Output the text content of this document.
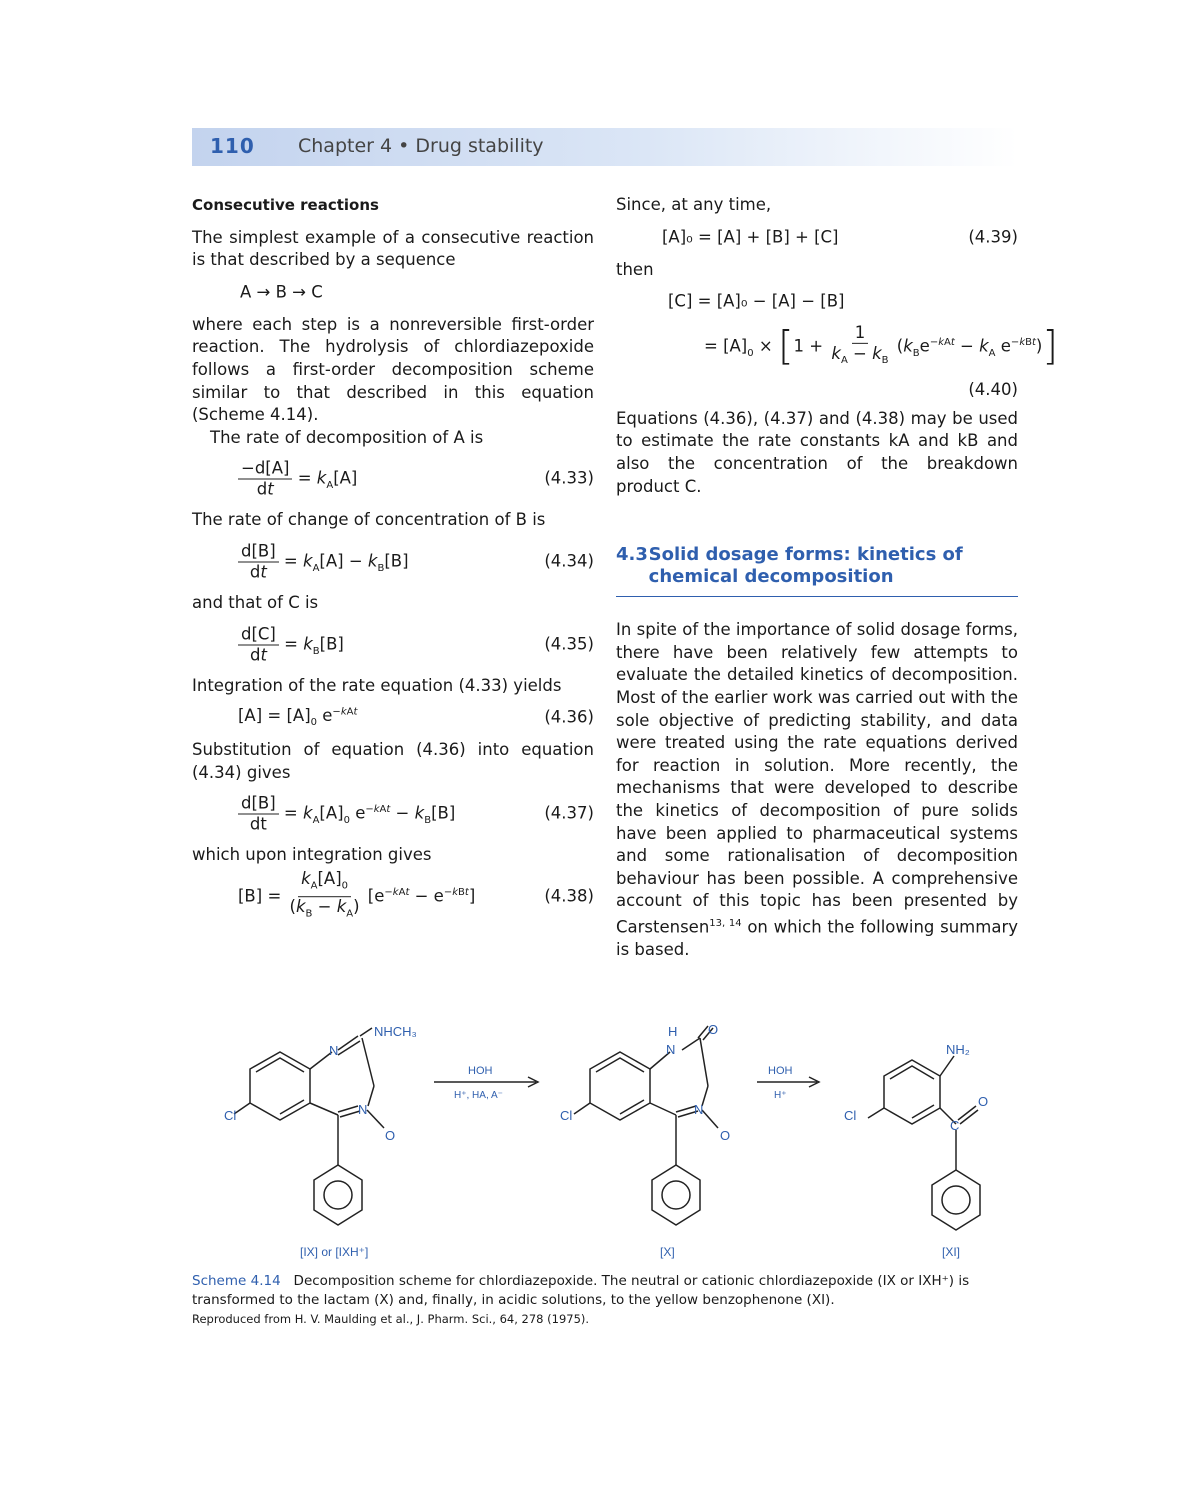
110 Chapter 4 • Drug stability
Consecutive reactions

The simplest example of a consecutive reaction is that described by a sequence

A → B → C

where each step is a nonreversible first-order reaction. The hydrolysis of chlordiazepoxide follows a first-order decomposition scheme similar to that described in this equation (Scheme 4.14).

The rate of decomposition of A is

$\frac{-d[A]}{dt} = k_A[A]$	(4.33)

The rate of change of concentration of B is

$\frac{d[B]}{dt} = k_A[A] - k_B[B]$	(4.34)

and that of C is

$\frac{d[C]}{dt} = k_B[B]$	(4.35)

Integration of the rate equation (4.33) yields

$[A] = [A]_0$ $e^{-kAt}$	(4.36)

Substitution of equation (4.36) into equation (4.34) gives

$\frac{d[B]}{dt} = k_A[A]_0$ $e^{-kAt} - k_B[B]$	(4.37)

which upon integration gives

$[B] = \frac{k_A[A]_0}{(k_B - k_A)} [e^{-kAt} - e^{-kBt}]$	(4.38)

Since, at any time,

[A]₀ = [A] + [B] + [C]	(4.39)

then

[C] = [A]₀ − [A] − [B]
= $[A]_0 \times [1 + \frac{1}{k_A - k_B} (k_Be^{-kAt} - k_A$ $e^{-kBt}$)]
(4.40)

Equations (4.36), (4.37) and (4.38) may be used to estimate the rate constants kA and kB and also the concentration of the breakdown product C.

4.3 Solid dosage forms: kinetics of chemical decomposition

In spite of the importance of solid dosage forms, there have been relatively few attempts to evaluate the detailed kinetics of decomposition. Most of the earlier work was carried out with the sole objective of predicting stability, and data were treated using the rate equations derived for reaction in solution. More recently, the mechanisms that were developed to describe the kinetics of decomposition of pure solids have been applied to pharmaceutical systems and some rationalisation of decomposition behaviour has been possible. A comprehensive account of this topic has been presented by Carstensen$^{13, 14}$ on which the following summary is based.

NHCH₃
N
N
O
Cl
HOH
H⁺, HA, A⁻
H
N
O
N
O
Cl
HOH
H⁺
NH₂
Cl
C
O
[IX] or [IXH⁺]	[X]	[XI]
Scheme 4.14 Decomposition scheme for chlordiazepoxide. The neutral or cationic chlordiazepoxide (IX or IXH⁺) is transformed to the lactam (X) and, finally, in acidic solutions, to the yellow benzophenone (XI).
Reproduced from H. V. Maulding et al., J. Pharm. Sci., 64, 278 (1975).
